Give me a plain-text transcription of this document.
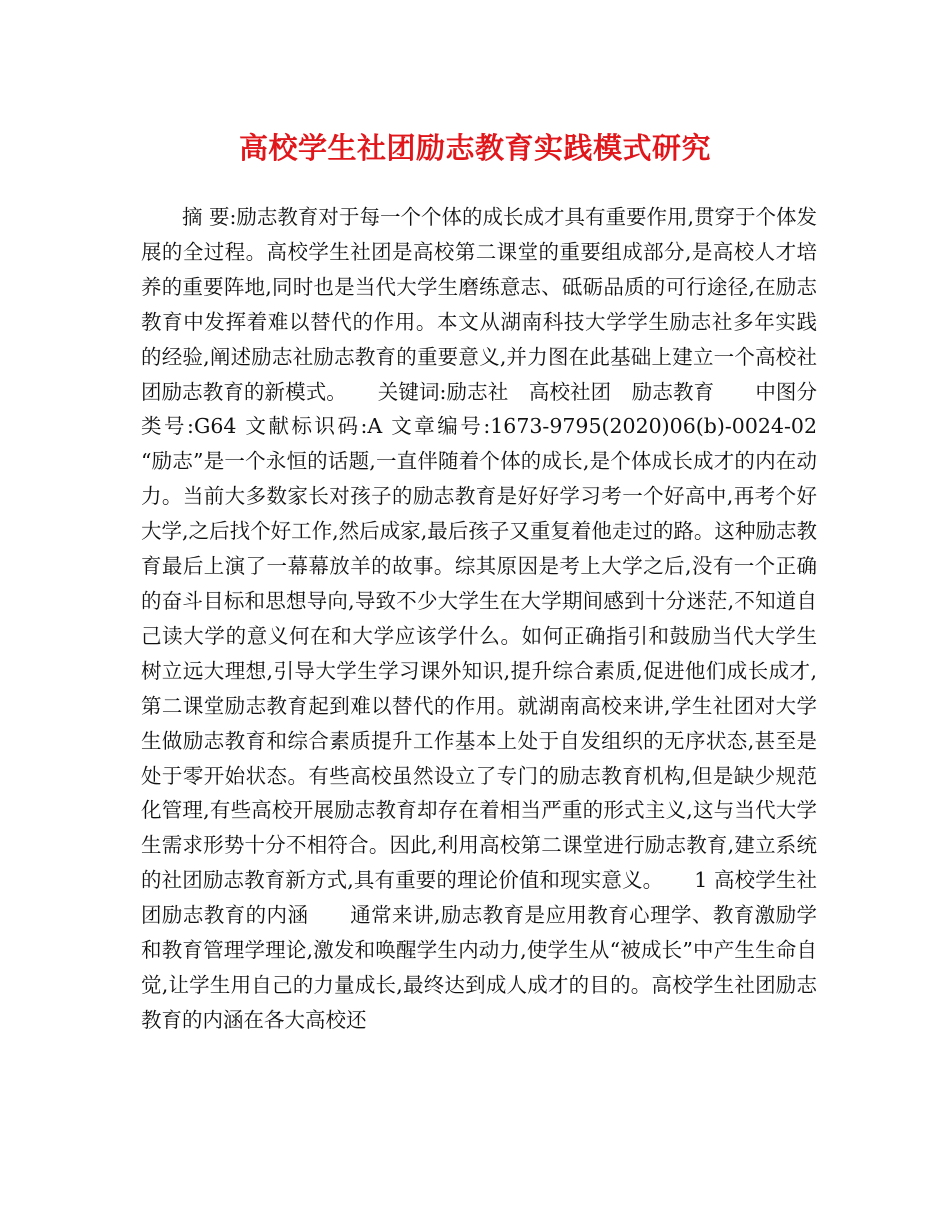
高校学生社团励志教育实践模式研究

摘 要:励志教育对于每一个个体的成长成才具有重要作用,贯穿于个体发展的全过程。高校学生社团是高校第二课堂的重要组成部分,是高校人才培养的重要阵地,同时也是当代大学生磨练意志、砥砺品质的可行途径,在励志教育中发挥着难以替代的作用。本文从湖南科技大学学生励志社多年实践的经验,阐述励志社励志教育的重要意义,并力图在此基础上建立一个高校社团励志教育的新模式。　　关键词:励志社　高校社团　励志教育　　中图分类号:G64 文献标识码:A 文章编号:1673-9795(2020)06(b)-0024-02　　“励志”是一个永恒的话题,一直伴随着个体的成长,是个体成长成才的内在动力。当前大多数家长对孩子的励志教育是好好学习考一个好高中,再考个好大学,之后找个好工作,然后成家,最后孩子又重复着他走过的路。这种励志教育最后上演了一幕幕放羊的故事。综其原因是考上大学之后,没有一个正确的奋斗目标和思想导向,导致不少大学生在大学期间感到十分迷茫,不知道自己读大学的意义何在和大学应该学什么。如何正确指引和鼓励当代大学生树立远大理想,引导大学生学习课外知识,提升综合素质,促进他们成长成才,第二课堂励志教育起到难以替代的作用。就湖南高校来讲,学生社团对大学生做励志教育和综合素质提升工作基本上处于自发组织的无序状态,甚至是处于零开始状态。有些高校虽然设立了专门的励志教育机构,但是缺少规范化管理,有些高校开展励志教育却存在着相当严重的形式主义,这与当代大学生需求形势十分不相符合。因此,利用高校第二课堂进行励志教育,建立系统的社团励志教育新方式,具有重要的理论价值和现实意义。　　1 高校学生社团励志教育的内涵　　通常来讲,励志教育是应用教育心理学、教育激励学和教育管理学理论,激发和唤醒学生内动力,使学生从“被成长”中产生生命自觉,让学生用自己的力量成长,最终达到成人成才的目的。高校学生社团励志教育的内涵在各大高校还
